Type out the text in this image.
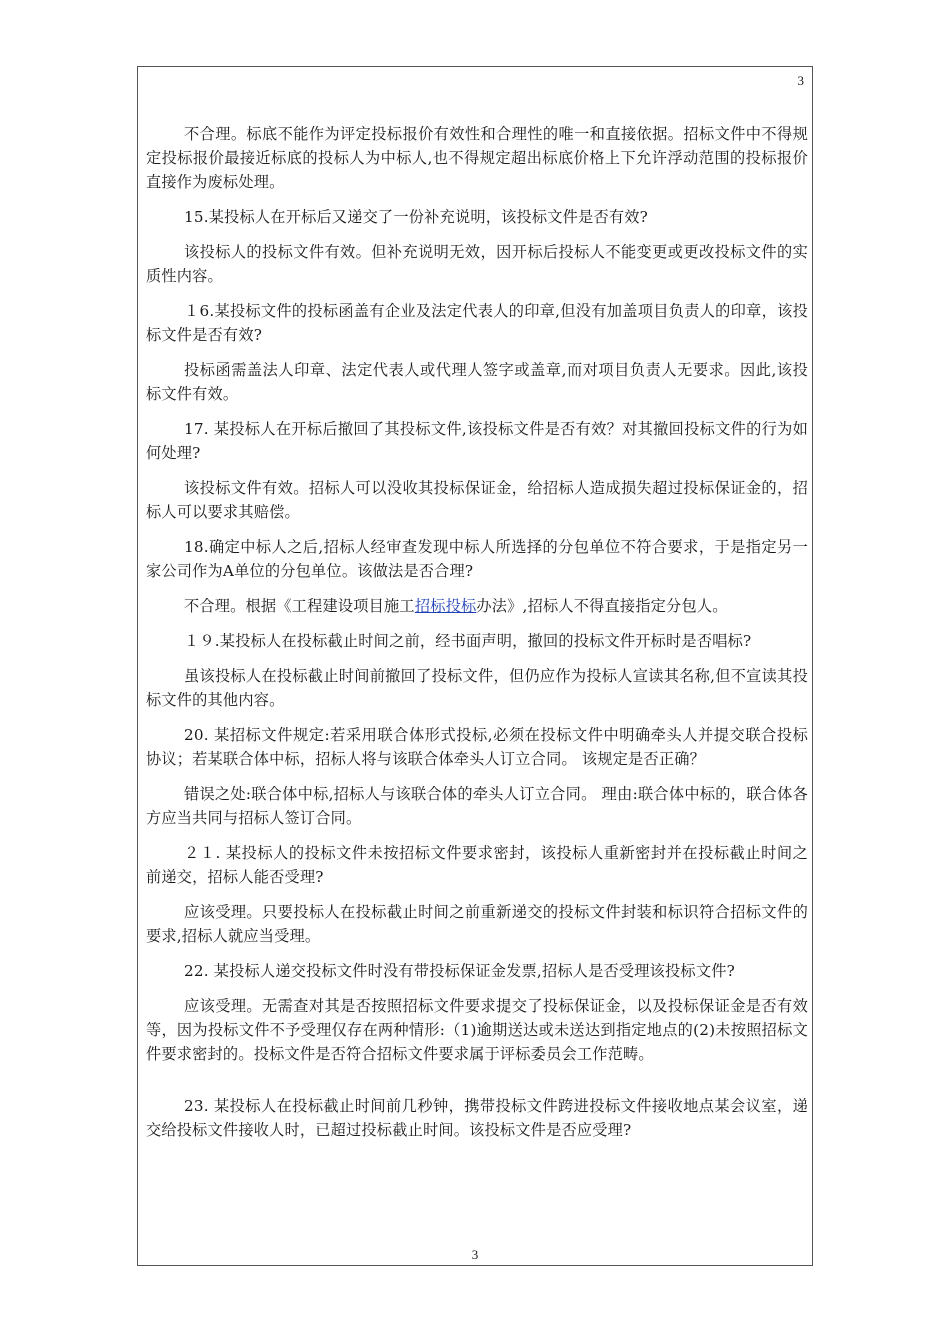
3

不合理。标底不能作为评定投标报价有效性和合理性的唯一和直接依据。招标文件中不得规定投标报价最接近标底的投标人为中标人,也不得规定超出标底价格上下允许浮动范围的投标报价直接作为废标处理。

15.某投标人在开标后又递交了一份补充说明，该投标文件是否有效?

该投标人的投标文件有效。但补充说明无效，因开标后投标人不能变更或更改投标文件的实质性内容。

１6.某投标文件的投标函盖有企业及法定代表人的印章,但没有加盖项目负责人的印章，该投标文件是否有效?

投标函需盖法人印章、法定代表人或代理人签字或盖章,而对项目负责人无要求。因此,该投标文件有效。

17. 某投标人在开标后撤回了其投标文件,该投标文件是否有效？对其撤回投标文件的行为如何处理?

该投标文件有效。招标人可以没收其投标保证金，给招标人造成损失超过投标保证金的，招标人可以要求其赔偿。

18.确定中标人之后,招标人经审查发现中标人所选择的分包单位不符合要求，于是指定另一家公司作为A单位的分包单位。该做法是否合理?

不合理。根据《工程建设项目施工招标投标办法》,招标人不得直接指定分包人。

１９.某投标人在投标截止时间之前，经书面声明，撤回的投标文件开标时是否唱标?

虽该投标人在投标截止时间前撤回了投标文件，但仍应作为投标人宣读其名称,但不宣读其投标文件的其他内容。

20. 某招标文件规定:若采用联合体形式投标,必须在投标文件中明确牵头人并提交联合投标协议；若某联合体中标，招标人将与该联合体牵头人订立合同。 该规定是否正确？

错误之处:联合体中标,招标人与该联合体的牵头人订立合同。 理由:联合体中标的，联合体各方应当共同与招标人签订合同。

２１. 某投标人的投标文件未按招标文件要求密封，该投标人重新密封并在投标截止时间之前递交，招标人能否受理?

应该受理。只要投标人在投标截止时间之前重新递交的投标文件封装和标识符合招标文件的要求,招标人就应当受理。

22. 某投标人递交投标文件时没有带投标保证金发票,招标人是否受理该投标文件?

应该受理。无需查对其是否按照招标文件要求提交了投标保证金，以及投标保证金是否有效等，因为投标文件不予受理仅存在两种情形:（1)逾期送达或未送达到指定地点的(2)未按照招标文件要求密封的。投标文件是否符合招标文件要求属于评标委员会工作范畴。

23. 某投标人在投标截止时间前几秒钟，携带投标文件跨进投标文件接收地点某会议室，递交给投标文件接收人时，已超过投标截止时间。该投标文件是否应受理?

3
